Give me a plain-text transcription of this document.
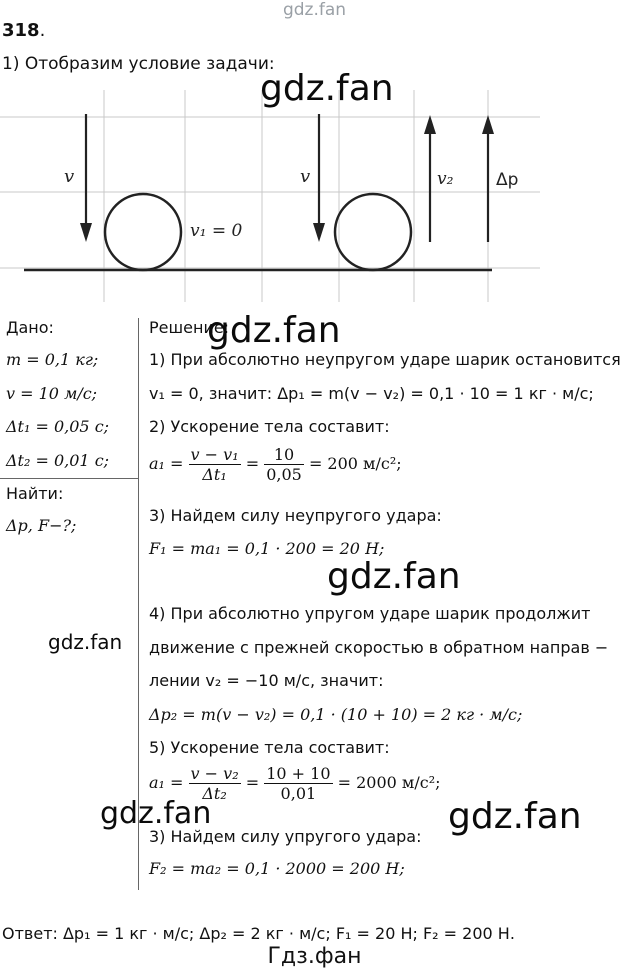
gdz.fan
318.
1) Отобразим условие задачи:
v
v₁ = 0
v	v₂	Δp
gdz.fan
Дано:
m = 0,1 кг;
v = 10 м/с;
Δt₁ = 0,05 с;
Δt₂ = 0,01 с;
Найти:
Δp, F−?;
Решение:
gdz.fan
1) При абсолютно неупругом ударе шарик остановится
v₁ = 0, значит: Δp₁ = m(v − v₂) = 0,1 · 10 = 1 кг · м/с;
2) Ускорение тела составит:
$a_1 = \frac{\text{v − v₁}}{\text{Δt₁}} = \frac{10}{0,05} = 200$ м/с²;
3) Найдем силу неупругого удара:
F₁ = ma₁ = 0,1 · 200 = 20 Н;
gdz.fan
4) При абсолютно упругом ударе шарик продолжит
gdz.fan движение с прежней скоростью в обратном направ −
лении v₂ = −10 м/с, значит:
Δp₂ = m(v − v₂) = 0,1 · (10 + 10) = 2 кг · м/с;
5) Ускорение тела составит:
$a_1 = \frac{\text{v − v₂}}{\text{Δt₂}} = \frac{10 + 10}{0,01} = 2000$ м/с²;
gdz.fan	gdz.fan
3) Найдем силу упругого удара:
F₂ = ma₂ = 0,1 · 2000 = 200 Н;
Ответ: Δp₁ = 1 кг · м/с; Δp₂ = 2 кг · м/с; F₁ = 20 Н; F₂ = 200 Н.
Гдз.фан
